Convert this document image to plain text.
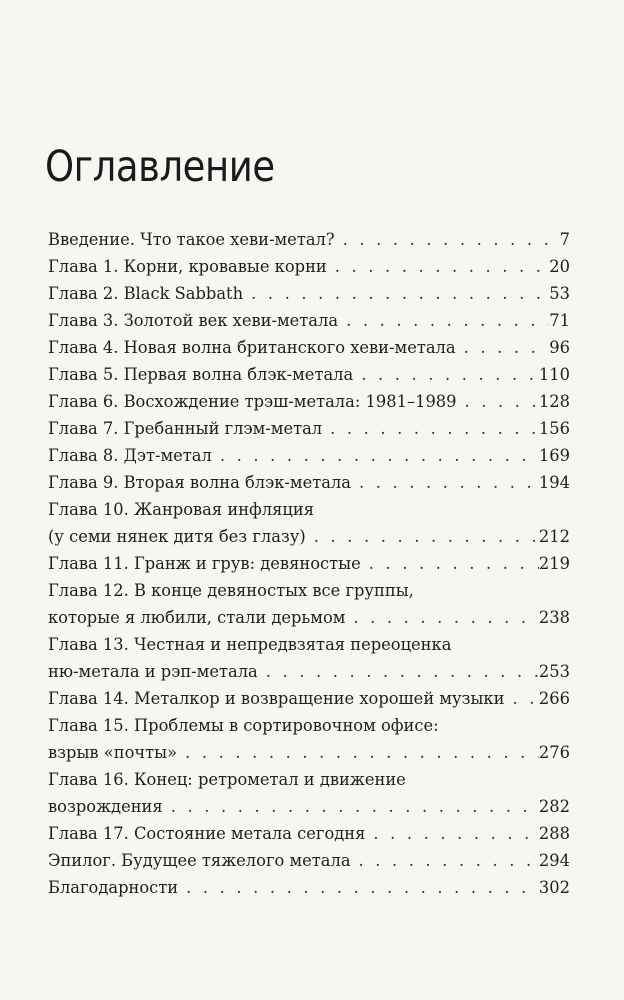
Оглавление
Введение. Что такое хеви-метал? . . .	7
Глава 1. Корни, кровавые корни . . .	20
Глава 2. Black Sabbath . . .	53
Глава 3. Золотой век хеви-метала . . .	71
Глава 4. Новая волна британского хеви-метала . . .	96
Глава 5. Первая волна блэк-метала . . .	110
Глава 6. Восхождение трэш-метала: 1981–1989 . . .	128
Глава 7. Гребанный глэм-метал . . .	156
Глава 8. Дэт-метал . . .	169
Глава 9. Вторая волна блэк-метала . . .	194
Глава 10. Жанровая инфляция
(у семи нянек дитя без глазу) . . .	212
Глава 11. Гранж и грув: девяностые . . .	219
Глава 12. В конце девяностых все группы,
которые я любили, стали дерьмом . . .	238
Глава 13. Честная и непредвзятая переоценка
ню-метала и рэп-метала . . .	253
Глава 14. Металкор и возвращение хорошей музыки . . . 266
Глава 15. Проблемы в сортировочном офисе:
взрыв «почты» . . .	276
Глава 16. Конец: ретрометал и движение
возрождения . . .	282
Глава 17. Состояние метала сегодня . . .	288
Эпилог. Будущее тяжелого метала . . .	294
Благодарности . . .	302
